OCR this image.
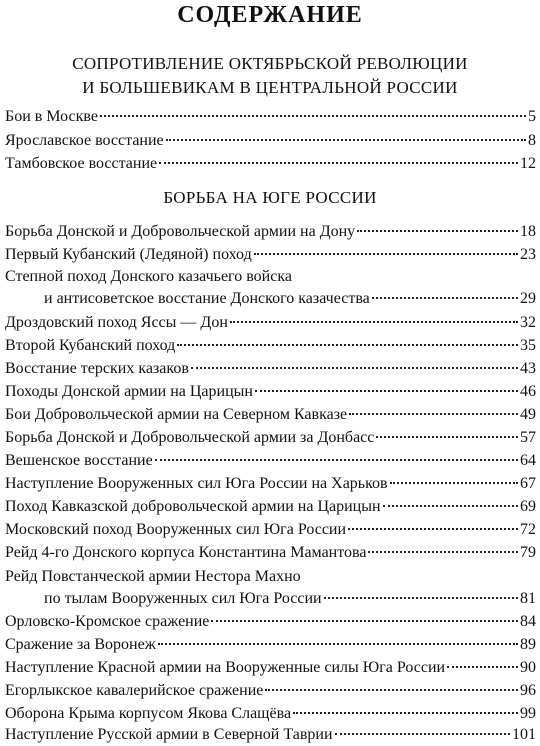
СОДЕРЖАНИЕ
СОПРОТИВЛЕНИЕ ОКТЯБРЬСКОЙ РЕВОЛЮЦИИ
И БОЛЬШЕВИКАМ В ЦЕНТРАЛЬНОЙ РОССИИ
Бои в Москве	5
Ярославское восстание	8
Тамбовское восстание	12
БОРЬБА НА ЮГЕ РОССИИ
Борьба Донской и Добровольческой армии на Дону	18
Первый Кубанский (Ледяной) поход	23
Степной поход Донского казачьего войска
и антисоветское восстание Донского казачества	29
Дроздовский поход Яссы — Дон	32
Второй Кубанский поход	35
Восстание терских казаков	43
Походы Донской армии на Царицын	46
Бои Добровольческой армии на Северном Кавказе	49
Борьба Донской и Добровольческой армии за Донбасс	57
Вешенское восстание	64
Наступление Вооруженных сил Юга России на Харьков	67
Поход Кавказской добровольческой армии на Царицын	69
Московский поход Вооруженных сил Юга России	72
Рейд 4-го Донского корпуса Константина Мамантова	79
Рейд Повстанческой армии Нестора Махно
по тылам Вооруженных сил Юга России	81
Орловско-Кромское сражение	84
Сражение за Воронеж	89
Наступление Красной армии на Вооруженные силы Юга России	90
Егорлыкское кавалерийское сражение	96
Оборона Крыма корпусом Якова Слащёва	99
Наступление Русской армии в Северной Таврии	101
